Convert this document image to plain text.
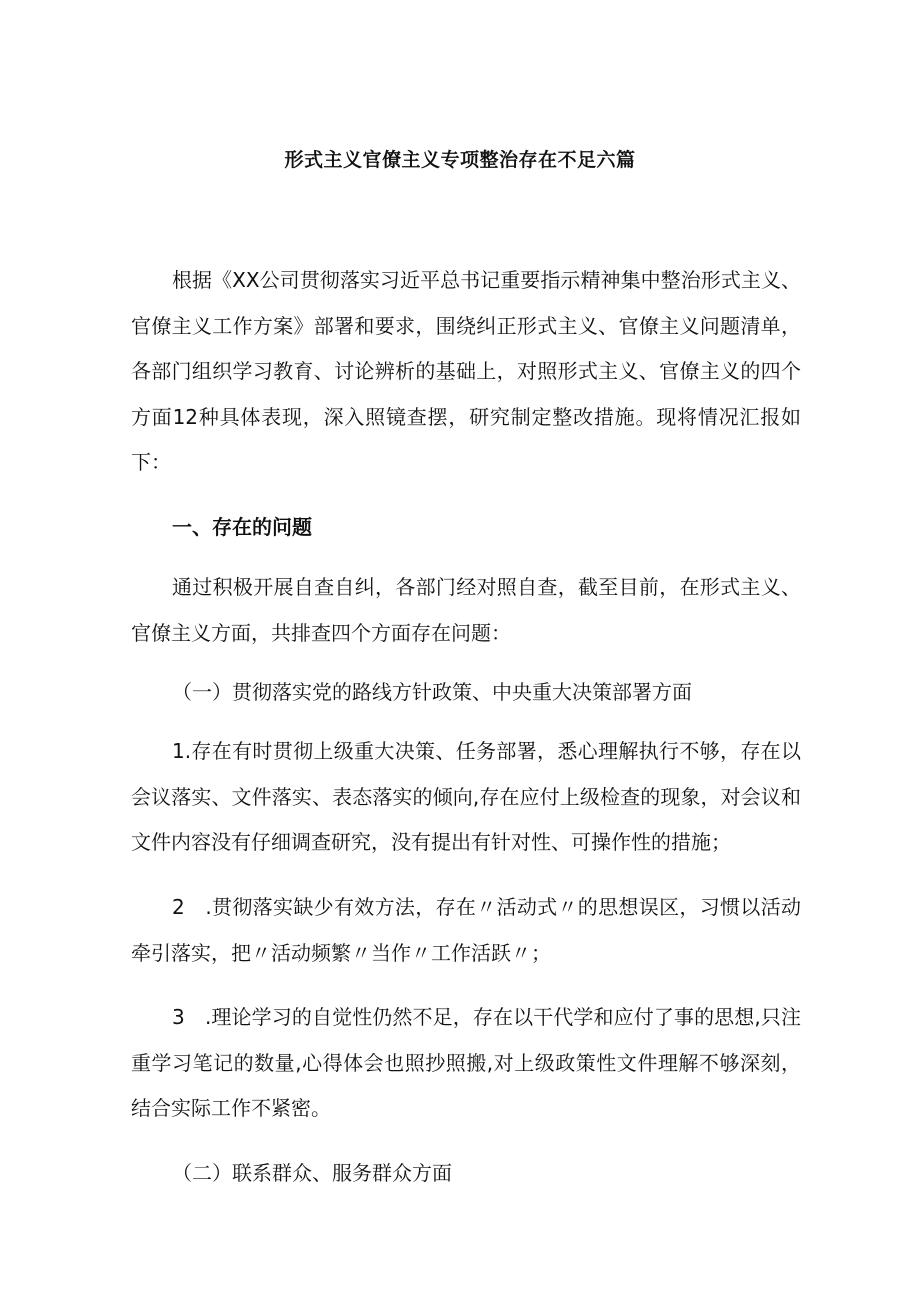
形式主义官僚主义专项整治存在不足六篇
根据《XX公司贯彻落实习近平总书记重要指示精神集中整治形式主义、官僚主义工作方案》部署和要求，围绕纠正形式主义、官僚主义问题清单，各部门组织学习教育、讨论辨析的基础上，对照形式主义、官僚主义的四个方面12种具体表现，深入照镜查摆，研究制定整改措施。现将情况汇报如下：
一、存在的问题
通过积极开展自查自纠，各部门经对照自查，截至目前，在形式主义、官僚主义方面，共排查四个方面存在问题：
（一）贯彻落实党的路线方针政策、中央重大决策部署方面
1.存在有时贯彻上级重大决策、任务部署，悉心理解执行不够，存在以会议落实、文件落实、表态落实的倾向,存在应付上级检查的现象，对会议和文件内容没有仔细调查研究，没有提出有针对性、可操作性的措施；
2　.贯彻落实缺少有效方法，存在〃活动式〃的思想误区，习惯以活动牵引落实，把〃活动频繁〃当作〃工作活跃〃；
3　.理论学习的自觉性仍然不足，存在以干代学和应付了事的思想,只注重学习笔记的数量,心得体会也照抄照搬,对上级政策性文件理解不够深刻，结合实际工作不紧密。
（二）联系群众、服务群众方面
